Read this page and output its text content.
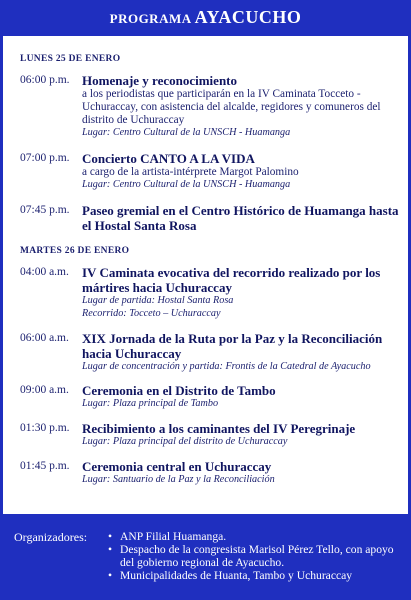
PROGRAMA AYACUCHO
LUNES 25 DE ENERO
06:00 p.m. Homenaje y reconocimiento
a los periodistas que participarán en la IV Caminata Tocceto - Uchuraccay, con asistencia del alcalde, regidores y comuneros del distrito de Uchuraccay
Lugar: Centro Cultural de la UNSCH - Huamanga
07:00 p.m. Concierto CANTO A LA VIDA
a cargo de la artista-intérprete Margot Palomino
Lugar: Centro Cultural de la UNSCH - Huamanga
07:45 p.m. Paseo gremial en el Centro Histórico de Huamanga hasta el Hostal Santa Rosa
MARTES 26 DE ENERO
04:00 a.m.	IV Caminata evocativa del recorrido realizado por los mártires hacia Uchuraccay
Lugar de partida: Hostal Santa Rosa
Recorrido: Tocceto – Uchuraccay
06:00 a.m.	XIX Jornada de la Ruta por la Paz y la Reconciliación hacia Uchuraccay
Lugar de concentración y partida: Frontis de la Catedral de Ayacucho
09:00 a.m.	Ceremonia en el Distrito de Tambo
Lugar: Plaza principal de Tambo
01:30 p.m. Recibimiento a los caminantes del IV Peregrinaje
Lugar: Plaza principal del distrito de Uchuraccay
01:45 p.m. Ceremonia central en Uchuraccay
Lugar: Santuario de la Paz y la Reconciliación
Organizadores: • ANP Filial Huamanga.
• Despacho de la congresista Marisol Pérez Tello, con apoyo del gobierno regional de Ayacucho.
• Municipalidades de Huanta, Tambo y Uchuraccay
